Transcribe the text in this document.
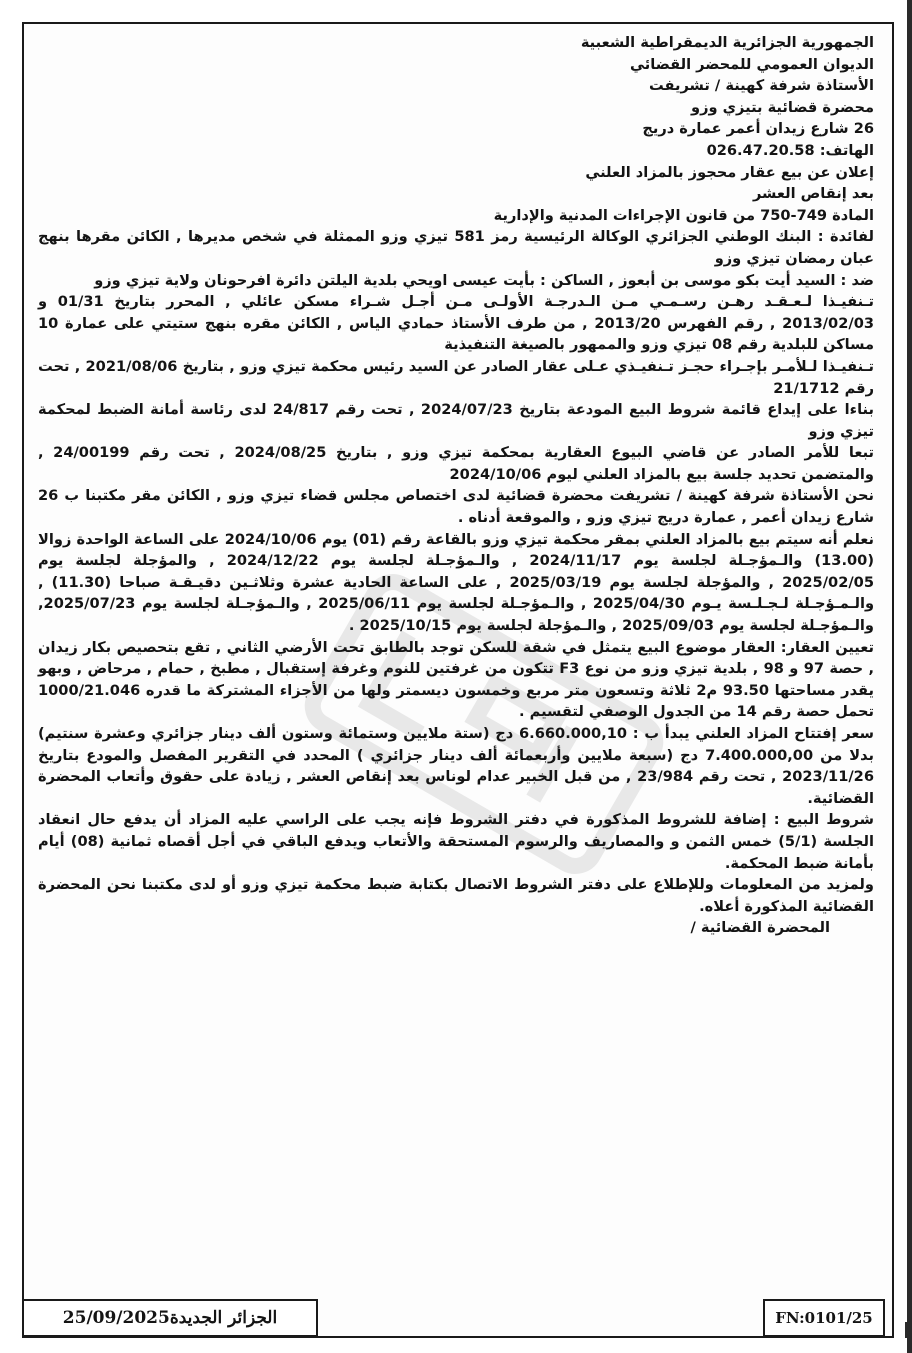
الجمهورية الجزائرية الديمقراطية الشعبية

الديوان العمومي للمحضر القضائي

الأستاذة شرفة كهينة / تشريفت

محضرة قضائية بتيزي وزو

26 شارع زيدان أعمر عمارة دريج

الهاتف: 026.47.20.58

إعلان عن بيع عقار محجوز بالمزاد العلني

بعد إنقاص العشر

المادة 749-750 من قانون الإجراءات المدنية والإدارية

لفائدة : البنك الوطني الجزائري الوكالة الرئيسية رمز 581 تيزي وزو الممثلة في شخص مديرها , الكائن مقرها بنهج عبان رمضان تيزي وزو

ضد : السيد أيت بكو موسى بن أبعوز , الساكن : بأيت عيسى اويحي بلدية اليلتن دائرة افرحونان ولاية تيزي وزو

تـنفيـذا لـعـقـد رهـن رسـمـي مـن الـدرجـة الأولـى مـن أجـل شـراء مسكن عائلي , المحرر بتاريخ 01/31 و 2013/02/03 , رقم الفهرس 2013/20 , من طرف الأستاذ حمادي الياس , الكائن مقره بنهج ستيتي على عمارة 10 مساكن للبلدية رقم 08 تيزي وزو والممهور بالصيغة التنفيذية

تـنفيـذا لـلأمـر بإجـراء حجـز تـنفيـذي عـلى عقار الصادر عن السيد رئيس محكمة تيزي وزو , بتاريخ 2021/08/06 , تحت رقم 21/1712

بناءا على إيداع قائمة شروط البيع المودعة بتاريخ 2024/07/23 , تحت رقم 24/817 لدى رئاسة أمانة الضبط لمحكمة تيزي وزو

تبعا للأمر الصادر عن قاضي البيوع العقارية بمحكمة تيزي وزو , بتاريخ 2024/08/25 , تحت رقم 24/00199 , والمتضمن تحديد جلسة بيع بالمزاد العلني ليوم 2024/10/06

نحن الأستاذة شرفة كهينة / تشريفت محضرة قضائية لدى اختصاص مجلس قضاء تيزي وزو , الكائن مقر مكتبنا ب 26 شارع زيدان أعمر , عمارة دريج تيزي وزو , والموقعة أدناه .

نعلم أنه سيتم بيع بالمزاد العلني بمقر محكمة تيزي وزو بالقاعة رقم (01) يوم 2024/10/06 على الساعة الواحدة زوالا (13.00) والـمؤجـلة لجلسة يوم 2024/11/17 , والـمؤجـلة لجلسة يوم 2024/12/22 , والمؤجلة لجلسة يوم 2025/02/05 , والمؤجلة لجلسة يوم 2025/03/19 , على الساعة الحادية عشرة وثلاثـين دقيـقـة صباحا (11.30) , والـمـؤجـلة لـجـلـسة يـوم 2025/04/30 , والـمؤجـلة لجلسة يوم 2025/06/11 , والـمؤجـلة لجلسة يوم 2025/07/23, والـمؤجـلة لجلسة يوم 2025/09/03 , والـمؤجلة لجلسة يوم 2025/10/15 .

تعيين العقار: العقار موضوع البيع يتمثل في شقة للسكن توجد بالطابق تحت الأرضي الثاني , تقع بتحصيص بكار زيدان , حصة 97 و 98 , بلدية تيزي وزو من نوع F3 تتكون من غرفتين للنوم وغرفة إستقبال , مطبخ , حمام , مرحاض , وبهو يقدر مساحتها 93.50 م2 ثلاثة وتسعون متر مربع وخمسون ديسمتر ولها من الأجزاء المشتركة ما قدره 1000/21.046 تحمل حصة رقم 14 من الجدول الوصفي لتقسيم .

سعر إفتتاح المزاد العلني يبدأ ب : 6.660.000,10 دج (ستة ملايين وستمائة وستون ألف دينار جزائري وعشرة سنتيم) بدلا من 7.400.000,00 دج (سبعة ملايين وأربعمائة ألف دينار جزائري ) المحدد في التقرير المفصل والمودع بتاريخ 2023/11/26 , تحت رقم 23/984 , من قبل الخبير عدام لوناس بعد إنقاص العشر , زيادة على حقوق وأتعاب المحضرة القضائية.

شروط البيع : إضافة للشروط المذكورة في دفتر الشروط فإنه يجب على الراسي عليه المزاد أن يدفع حال انعقاد الجلسة (5/1) خمس الثمن و والمصاريف والرسوم المستحقة والأتعاب ويدفع الباقي في أجل أقصاه ثمانية (08) أيام بأمانة ضبط المحكمة.

ولمزيد من المعلومات وللإطلاع على دفتر الشروط الاتصال بكتابة ضبط محكمة تيزي وزو أو لدى مكتبنا نحن المحضرة القضائية المذكورة أعلاه.

المحضرة القضائية /

الجزائر الجديدة25/09/2025	FN:0101/25
